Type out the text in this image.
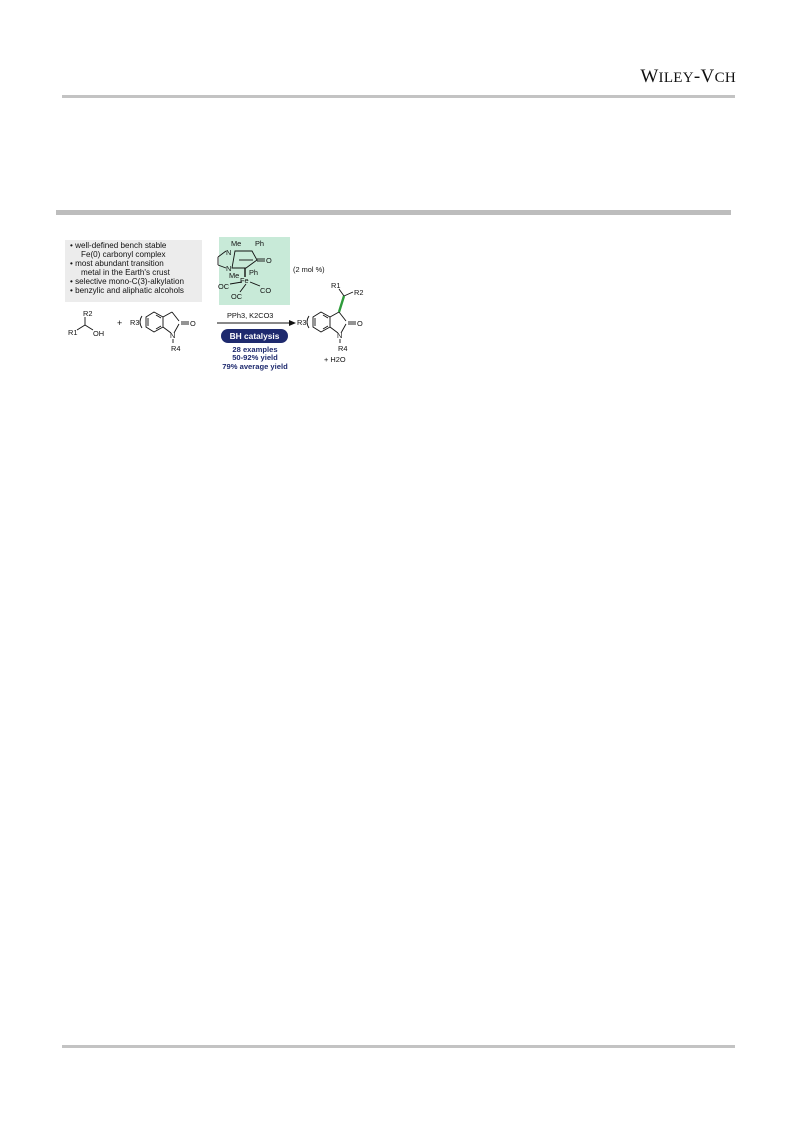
WILEY-VCH
R2
R1 OH
+ R3	O
N
R4
PPh3, K2CO3
Me Ph
N
N
O
Me Ph
Fe
OC	CO
OC
(2 mol %)
R1
R2
R3	O
N
R4
+ H2O
• well-defined bench stable
Fe(0) carbonyl complex
• most abundant transition
metal in the Earth's crust
• selective mono-C(3)-alkylation
• benzylic and aliphatic alcohols
BH catalysis
28 examples
50-92% yield
79% average yield
